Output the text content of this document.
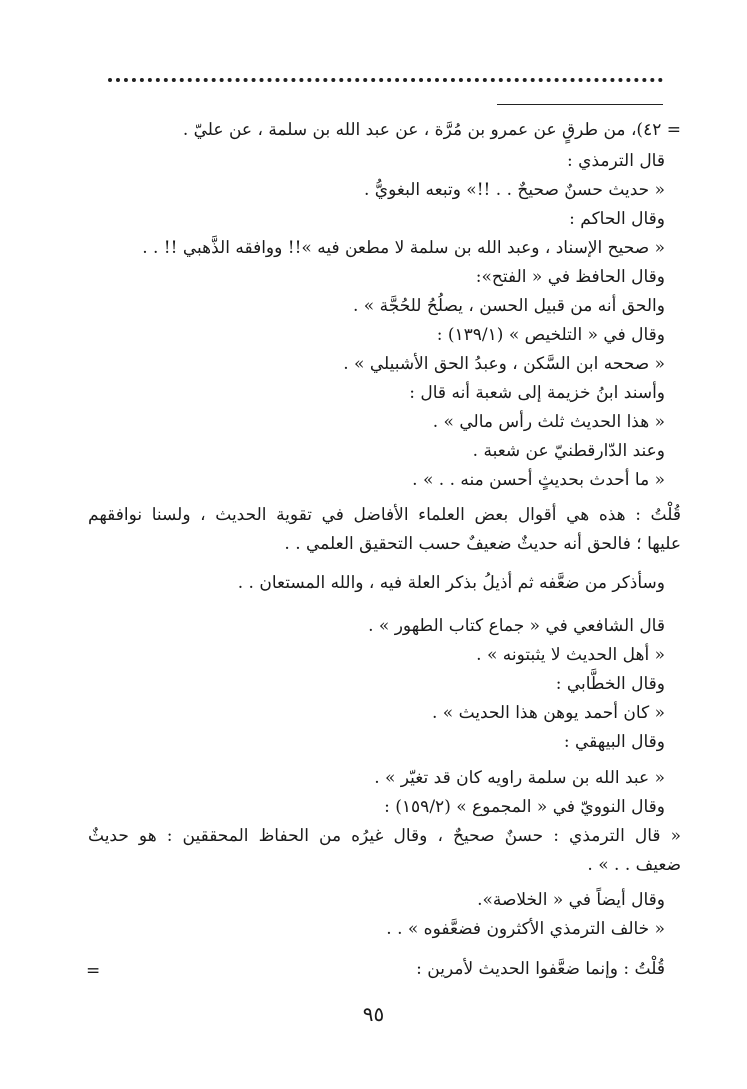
= ٤٢)، من طرقٍ عن عمرو بن مُرَّة ، عن عبد الله بن سلمة ، عن عليّ .
قال الترمذي :
« حديث حسنٌ صحيحٌ . . !!» وتبعه البغويُّ .
وقال الحاكم :
« صحيح الإسناد ، وعبد الله بن سلمة لا مطعن فيه »!! ووافقه الذَّهبي !! . .
وقال الحافظ في « الفتح»:
والحق أنه من قبيل الحسن ، يصلُحُ للحُجَّة » .
وقال في « التلخيص » (١٣٩/١) :
« صححه ابن السَّكن ، وعبدُ الحق الأشبيلي » .
وأسند ابنُ خزيمة إلى شعبة أنه قال :
« هذا الحديث ثلث رأس مالي » .
وعند الدّارقطنيّ عن شعبة .
« ما أحدث بحديثٍ أحسن منه . . » .
قُلْتُ : هذه هي أقوال بعض العلماء الأفاضل في تقوية الحديث ، ولسنا نوافقهم
عليها ؛ فالحق أنه حديثٌ ضعيفٌ حسب التحقيق العلمي . .
وسأذكر من ضعَّفه ثم أذيلُ بذكر العلة فيه ، والله المستعان . .
قال الشافعي في « جماع كتاب الطهور » .
« أهل الحديث لا يثبتونه » .
وقال الخطَّابي :
« كان أحمد يوهن هذا الحديث » .
وقال البيهقي :
« عبد الله بن سلمة راويه كان قد تغيّر » .
وقال النوويّ في « المجموع » (١٥٩/٢) :
« قال الترمذي : حسنٌ صحيحٌ ، وقال غيرُه من الحفاظ المحققين : هو حديثٌ
ضعيف . . » .
وقال أيضاً في « الخلاصة».
« خالف الترمذي الأكثرون فضعَّفوه » . .
قُلْتُ : وإنما ضعَّفوا الحديث لأمرين :
=
٩٥
